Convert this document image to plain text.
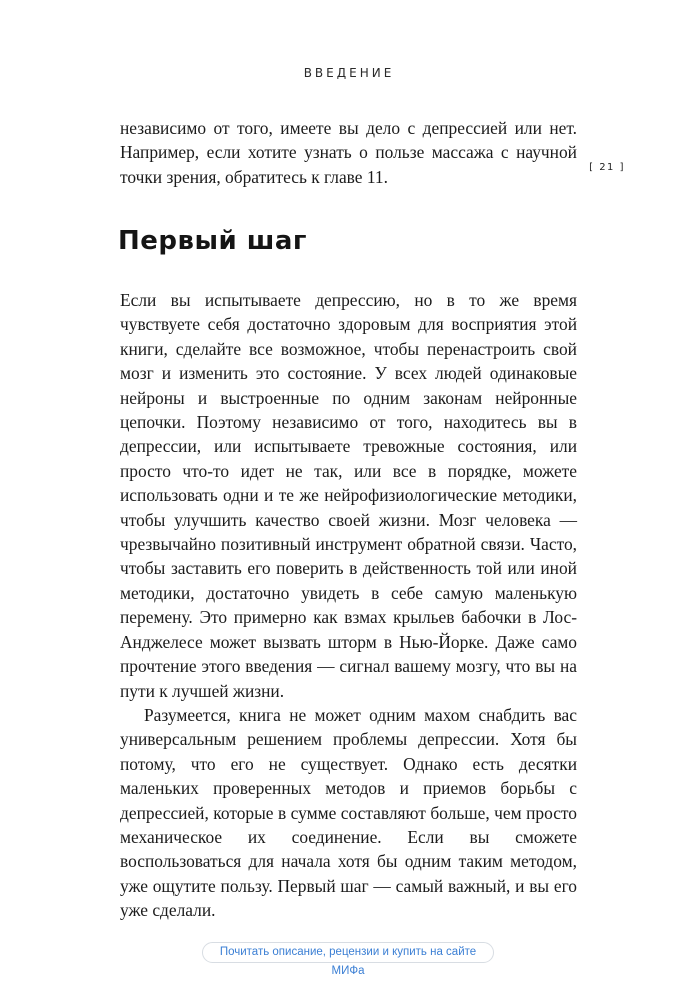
ВВЕДЕНИЕ
[ 21 ]

независимо от того, имеете вы дело с депрессией или нет. Например, если хотите узнать о пользе массажа с научной точки зрения, обратитесь к главе 11.

Первый шаг

Если вы испытываете депрессию, но в то же время чувствуете себя достаточно здоровым для восприятия этой книги, сделайте все возможное, чтобы перенастроить свой мозг и изменить это состояние. У всех людей одинаковые нейроны и выстроенные по одним законам нейронные цепочки. Поэтому независимо от того, находитесь вы в депрессии, или испытываете тревожные состояния, или просто что-то идет не так, или все в порядке, можете использовать одни и те же нейрофизиологические методики, чтобы улучшить качество своей жизни. Мозг человека — чрезвычайно позитивный инструмент обратной связи. Часто, чтобы заставить его поверить в действенность той или иной методики, достаточно увидеть в себе самую маленькую перемену. Это примерно как взмах крыльев бабочки в Лос-Анджелесе может вызвать шторм в Нью-Йорке. Даже само прочтение этого введения — сигнал вашему мозгу, что вы на пути к лучшей жизни.

Разумеется, книга не может одним махом снабдить вас универсальным решением проблемы депрессии. Хотя бы потому, что его не существует. Однако есть десятки маленьких проверенных методов и приемов борьбы с депрессией, которые в сумме составляют больше, чем просто механическое их соединение. Если вы сможете воспользоваться для начала хотя бы одним таким методом, уже ощутите пользу. Первый шаг — самый важный, и вы его уже сделали.

Почитать описание, рецензии и купить на сайте МИФа
